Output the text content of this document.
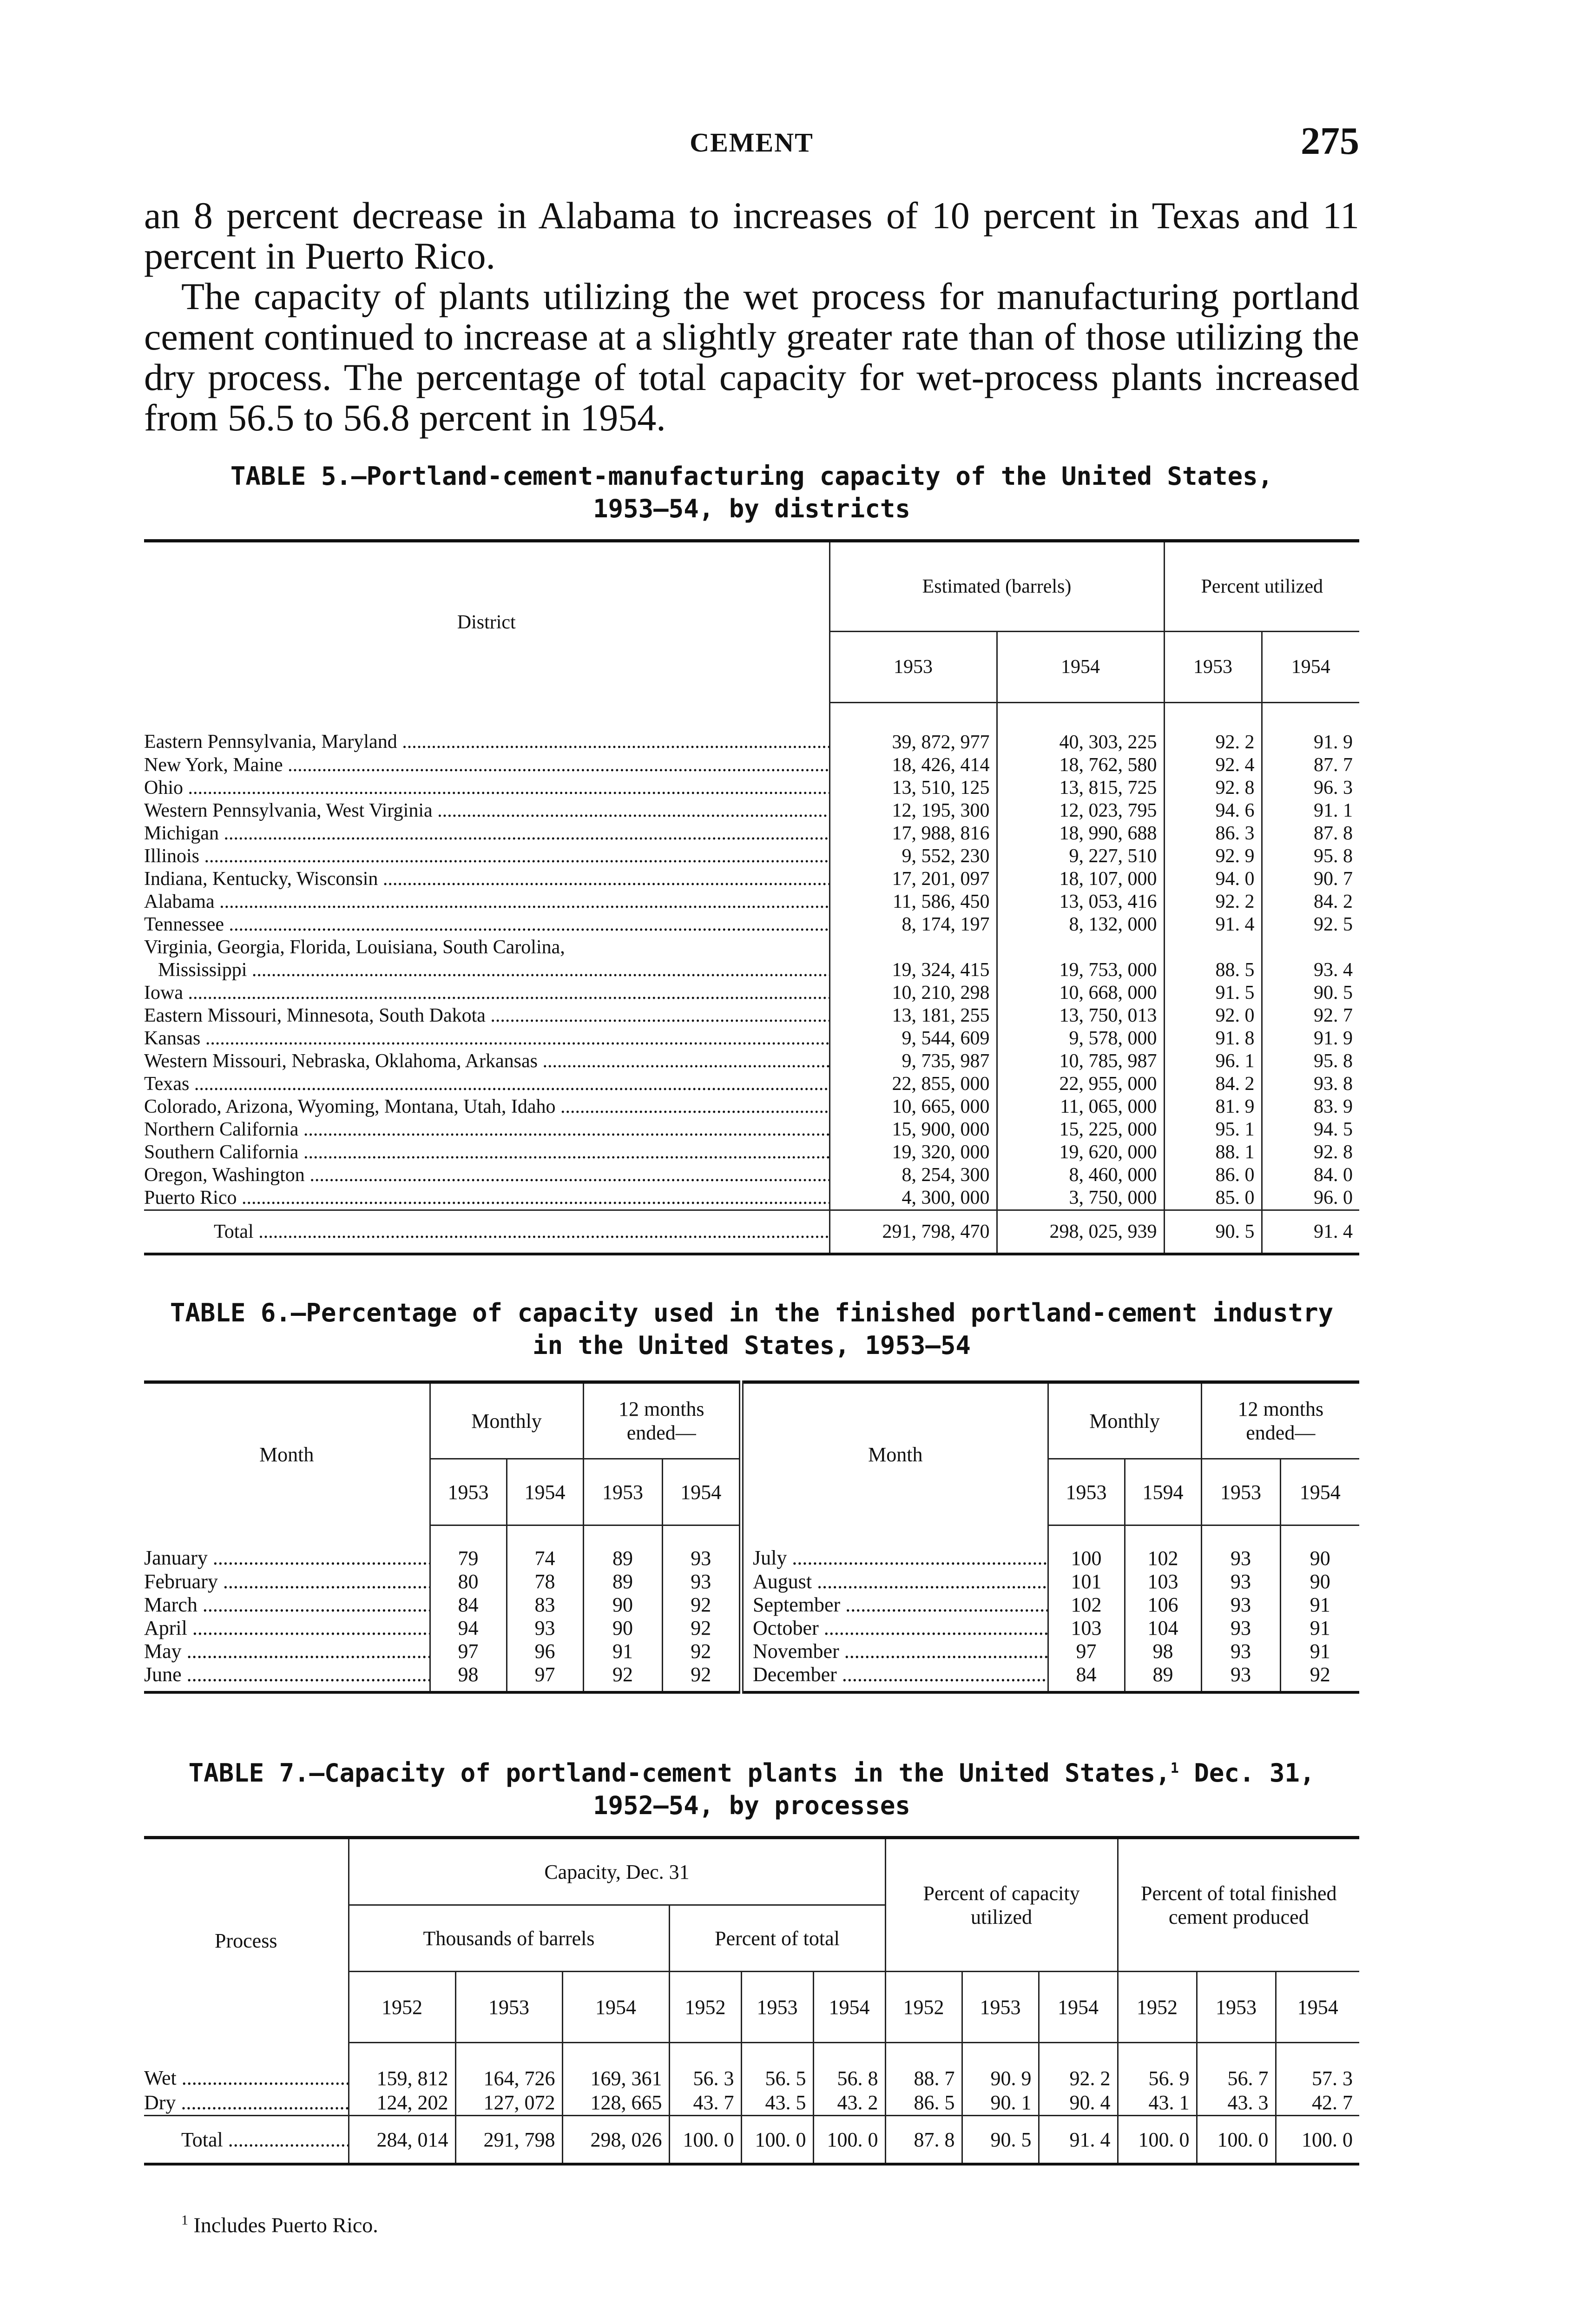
CEMENT	275

an 8 percent decrease in Alabama to increases of 10 percent in Texas and 11 percent in Puerto Rico.

The capacity of plants utilizing the wet process for manufacturing portland cement continued to increase at a slightly greater rate than of those utilizing the dry process. The percentage of total capacity for wet-process plants increased from 56.5 to 56.8 percent in 1954.

TABLE 5.—Portland-cement-manufacturing capacity of the United States,
1953–54, by districts
District	Estimated (barrels)		Percent utilized	
	1953	1954	1953	1954

Eastern Pennsylvania, Maryland .....	39, 872, 977	40, 303, 225	92. 2	91. 9

New York, Maine .....	18, 426, 414	18, 762, 580	92. 4	87. 7

Ohio .....	13, 510, 125	13, 815, 725	92. 8	96. 3

Western Pennsylvania, West Virginia .....	12, 195, 300	12, 023, 795	94. 6	91. 1

Michigan .....	17, 988, 816	18, 990, 688	86. 3	87. 8

Illinois .....	9, 552, 230	9, 227, 510	92. 9	95. 8

Indiana, Kentucky, Wisconsin .....	17, 201, 097	18, 107, 000	94. 0	90. 7

Alabama .....	11, 586, 450	13, 053, 416	92. 2	84. 2

Tennessee .....	8, 174, 197	8, 132, 000	91. 4	92. 5
Virginia, Georgia, Florida, Louisiana, South Carolina,				

Mississippi .....	19, 324, 415	19, 753, 000	88. 5	93. 4

Iowa .....	10, 210, 298	10, 668, 000	91. 5	90. 5

Eastern Missouri, Minnesota, South Dakota .....	13, 181, 255	13, 750, 013	92. 0	92. 7

Kansas .....	9, 544, 609	9, 578, 000	91. 8	91. 9

Western Missouri, Nebraska, Oklahoma, Arkansas .....	9, 735, 987	10, 785, 987	96. 1	95. 8

Texas .....	22, 855, 000	22, 955, 000	84. 2	93. 8

Colorado, Arizona, Wyoming, Montana, Utah, Idaho .....	10, 665, 000	11, 065, 000	81. 9	83. 9

Northern California .....	15, 900, 000	15, 225, 000	95. 1	94. 5

Southern California .....	19, 320, 000	19, 620, 000	88. 1	92. 8

Oregon, Washington .....	8, 254, 300	8, 460, 000	86. 0	84. 0

Puerto Rico .....	4, 300, 000	3, 750, 000	85. 0	96. 0

Total .....	291, 798, 470	298, 025, 939	90. 5	91. 4
TABLE 6.—Percentage of capacity used in the finished portland-cement industry
in the United States, 1953–54
Month	Monthly		12 months ended—		Month	Monthly		12 months ended—	
	1953	1954	1953	1954		1953	1594	1953	1954

January .....	79	74	89	93	July .....	100	102	93	90

February .....	80	78	89	93	August .....	101	103	93	90

March .....	84	83	90	92	September .....	102	106	93	91

April .....	94	93	90	92	October .....	103	104	93	91

May .....	97	96	91	92	November .....	97	98	93	91

June .....	98	97	92	92	December .....	84	89	93	92
TABLE 7.—Capacity of portland-cement plants in the United States,$^1$ Dec. 31,
1952–54, by processes
Process	Capacity, Dec. 31						Percent of capacity utilized			Percent of total finished cement produced		
	Thousands of barrels			Percent of total								
	1952	1953	1954	1952	1953	1954	1952	1953	1954	1952	1953	1954

Wet .....	159, 812	164, 726	169, 361	56. 3	56. 5	56. 8	88. 7	90. 9	92. 2	56. 9	56. 7	57. 3

Dry .....	124, 202	127, 072	128, 665	43. 7	43. 5	43. 2	86. 5	90. 1	90. 4	43. 1	43. 3	42. 7

Total .....	284, 014	291, 798	298, 026	100. 0	100. 0	100. 0	87. 8	90. 5	91. 4	100. 0	100. 0	100. 0
$^1$ Includes Puerto Rico.
